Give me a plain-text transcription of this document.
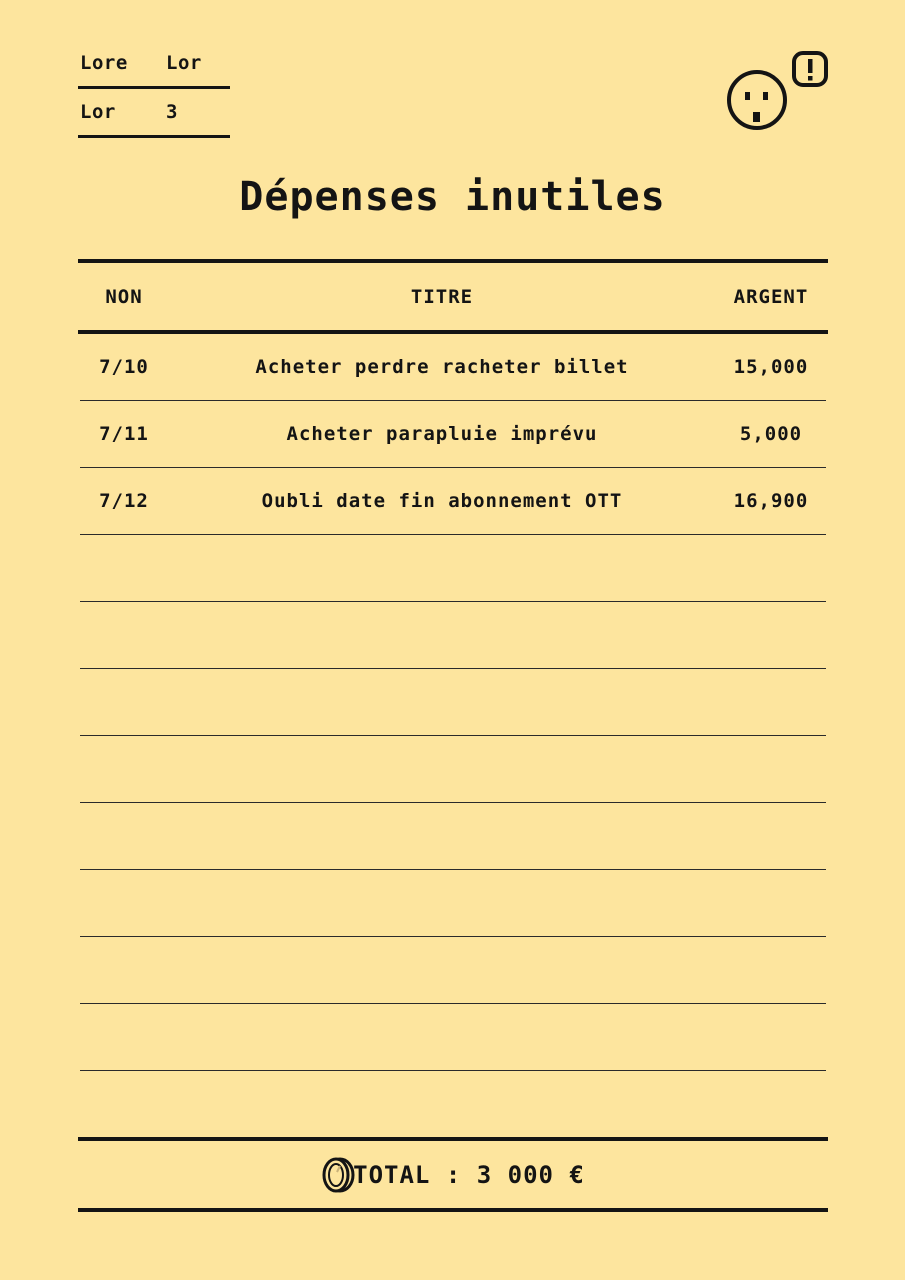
Lore	Lor
Lor	3
Dépenses inutiles
NON	TITRE	ARGENT
7/10	Acheter perdre racheter billet	15,000
7/11	Acheter parapluie imprévu	5,000
7/12	Oubli date fin abonnement OTT	16,900
TOTAL : 3 000 €
